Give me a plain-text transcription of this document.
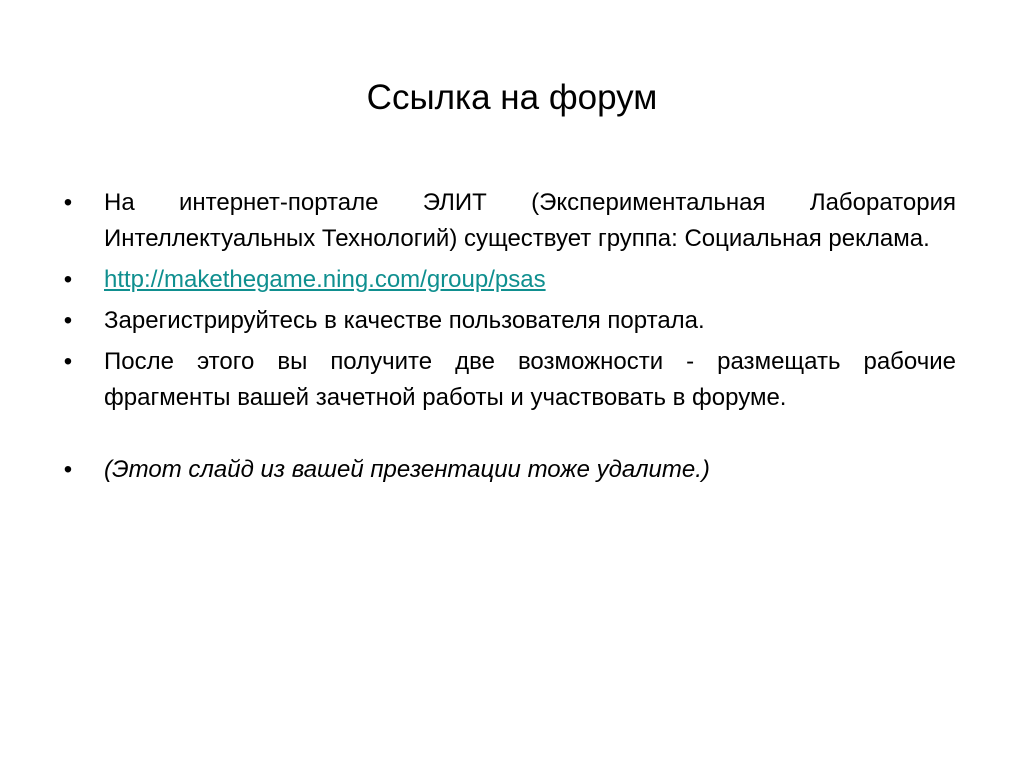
Ссылка на форум
• На интернет-портале ЭЛИТ (Экспериментальная Лаборатория Интеллектуальных Технологий) существует группа: Социальная реклама.
• http://makethegame.ning.com/group/psas
• Зарегистрируйтесь в качестве пользователя портала.
• После этого вы получите две возможности - размещать рабочие фрагменты вашей зачетной работы и участвовать в форуме.
• (Этот слайд из вашей презентации тоже удалите.)
